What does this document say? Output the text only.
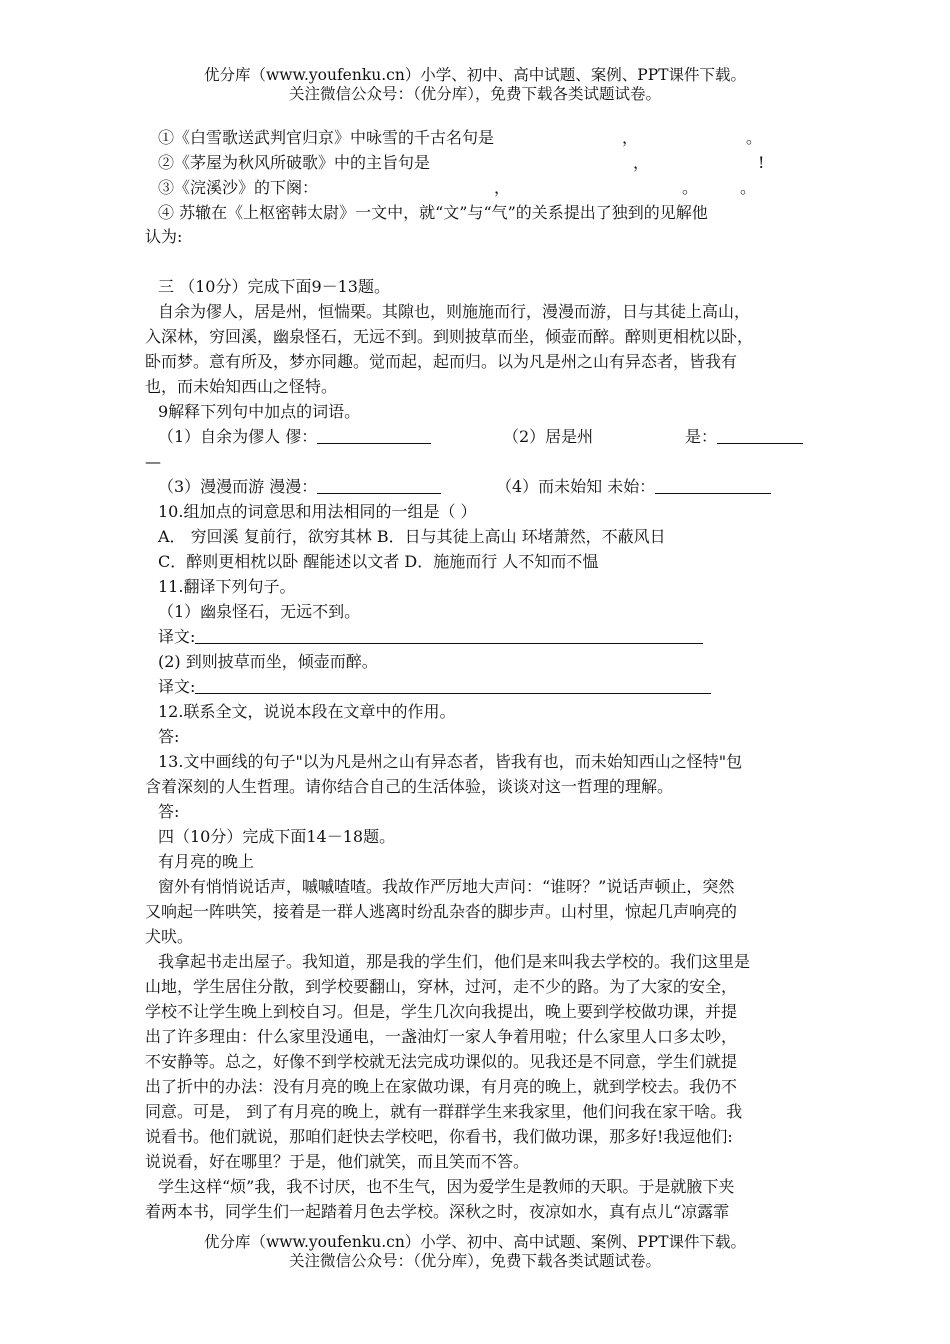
优分库（www.youfenku.cn）小学、初中、高中试题、案例、PPT课件下载。
关注微信公众号：（优分库），免费下载各类试题试卷。
①《白雪歌送武判官归京》中咏雪的千古名句是	，	。
②《茅屋为秋风所破歌》中的主旨句是	，	!
③《浣溪沙》的下阕：	，	。	。
④ 苏辙在《上枢密韩太尉》一文中，就“文”与“气”的关系提出了独到的见解他
认为:
三 （10分）完成下面9－13题。
自余为僇人，居是州，恒惴栗。其隙也，则施施而行，漫漫而游，日与其徒上高山，
入深林，穷回溪，幽泉怪石，无远不到。到则披草而坐，倾壶而醉。醉则更相枕以卧，
卧而梦。意有所及，梦亦同趣。觉而起，起而归。以为凡是州之山有异态者，皆我有
也，而未始知西山之怪特。
9解释下列句中加点的词语。
（1）自余为僇人 僇：	（2）居是州	是：
—
（3）漫漫而游 漫漫：	（4）而未始知 未始：
10.组加点的词意思和用法相同的一组是（ ）
A． 穷回溪 复前行，欲穷其林 B．日与其徒上高山 环堵萧然，不蔽风日
C．醉则更相枕以卧 醒能述以文者 D．施施而行 人不知而不愠
11.翻译下列句子。
（1）幽泉怪石，无远不到。
译文:
(2) 到则披草而坐，倾壶而醉。
译文:
12.联系全文，说说本段在文章中的作用。
答:
13.文中画线的句子"以为凡是州之山有异态者，皆我有也，而未始知西山之怪特"包
含着深刻的人生哲理。请你结合自己的生活体验，谈谈对这一哲理的理解。
答:
四（10分）完成下面14－18题。
有月亮的晚上
窗外有悄悄说话声，嘁嘁喳喳。我故作严厉地大声问：“谁呀？”说话声顿止，突然
又响起一阵哄笑，接着是一群人逃离时纷乱杂沓的脚步声。山村里，惊起几声响亮的
犬吠。
我拿起书走出屋子。我知道，那是我的学生们，他们是来叫我去学校的。我们这里是
山地，学生居住分散，到学校要翻山，穿林，过河，走不少的路。为了大家的安全，
学校不让学生晚上到校自习。但是，学生几次向我提出，晚上要到学校做功课，并提
出了许多理由：什么家里没通电，一盏油灯一家人争着用啦；什么家里人口多太吵，
不安静等。总之，好像不到学校就无法完成功课似的。见我还是不同意，学生们就提
出了折中的办法：没有月亮的晚上在家做功课，有月亮的晚上，就到学校去。我仍不
同意。可是， 到了有月亮的晚上，就有一群群学生来我家里，他们问我在家干啥。我
说看书。他们就说，那咱们赶快去学校吧，你看书，我们做功课，那多好!我逗他们:
说说看，好在哪里？于是，他们就笑，而且笑而不答。
学生这样“烦”我，我不讨厌，也不生气，因为爱学生是教师的天职。于是就腋下夹
着两本书，同学生们一起踏着月色去学校。深秋之时，夜凉如水，真有点儿“凉露霏
优分库（www.youfenku.cn）小学、初中、高中试题、案例、PPT课件下载。
关注微信公众号：（优分库），免费下载各类试题试卷。
